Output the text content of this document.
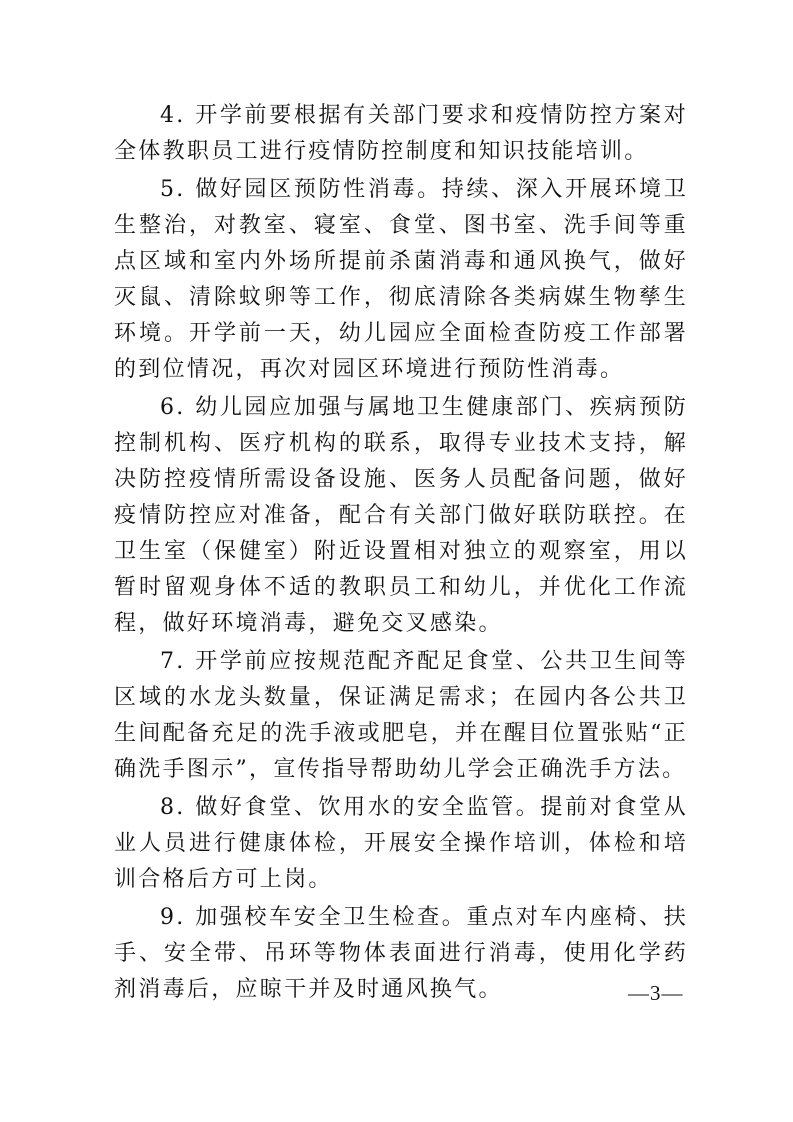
4. 开学前要根据有关部门要求和疫情防控方案对全体教职员工进行疫情防控制度和知识技能培训。

5. 做好园区预防性消毒。持续、深入开展环境卫生整治，对教室、寝室、食堂、图书室、洗手间等重点区域和室内外场所提前杀菌消毒和通风换气，做好灭鼠、清除蚊卵等工作，彻底清除各类病媒生物孳生环境。开学前一天，幼儿园应全面检查防疫工作部署的到位情况，再次对园区环境进行预防性消毒。

6. 幼儿园应加强与属地卫生健康部门、疾病预防控制机构、医疗机构的联系，取得专业技术支持，解决防控疫情所需设备设施、医务人员配备问题，做好疫情防控应对准备，配合有关部门做好联防联控。在卫生室（保健室）附近设置相对独立的观察室，用以暂时留观身体不适的教职员工和幼儿，并优化工作流程，做好环境消毒，避免交叉感染。

7. 开学前应按规范配齐配足食堂、公共卫生间等区域的水龙头数量，保证满足需求；在园内各公共卫生间配备充足的洗手液或肥皂，并在醒目位置张贴“正确洗手图示”，宣传指导帮助幼儿学会正确洗手方法。

8. 做好食堂、饮用水的安全监管。提前对食堂从业人员进行健康体检，开展安全操作培训，体检和培训合格后方可上岗。

9. 加强校车安全卫生检查。重点对车内座椅、扶手、安全带、吊环等物体表面进行消毒，使用化学药剂消毒后，应晾干并及时通风换气。	—3—
